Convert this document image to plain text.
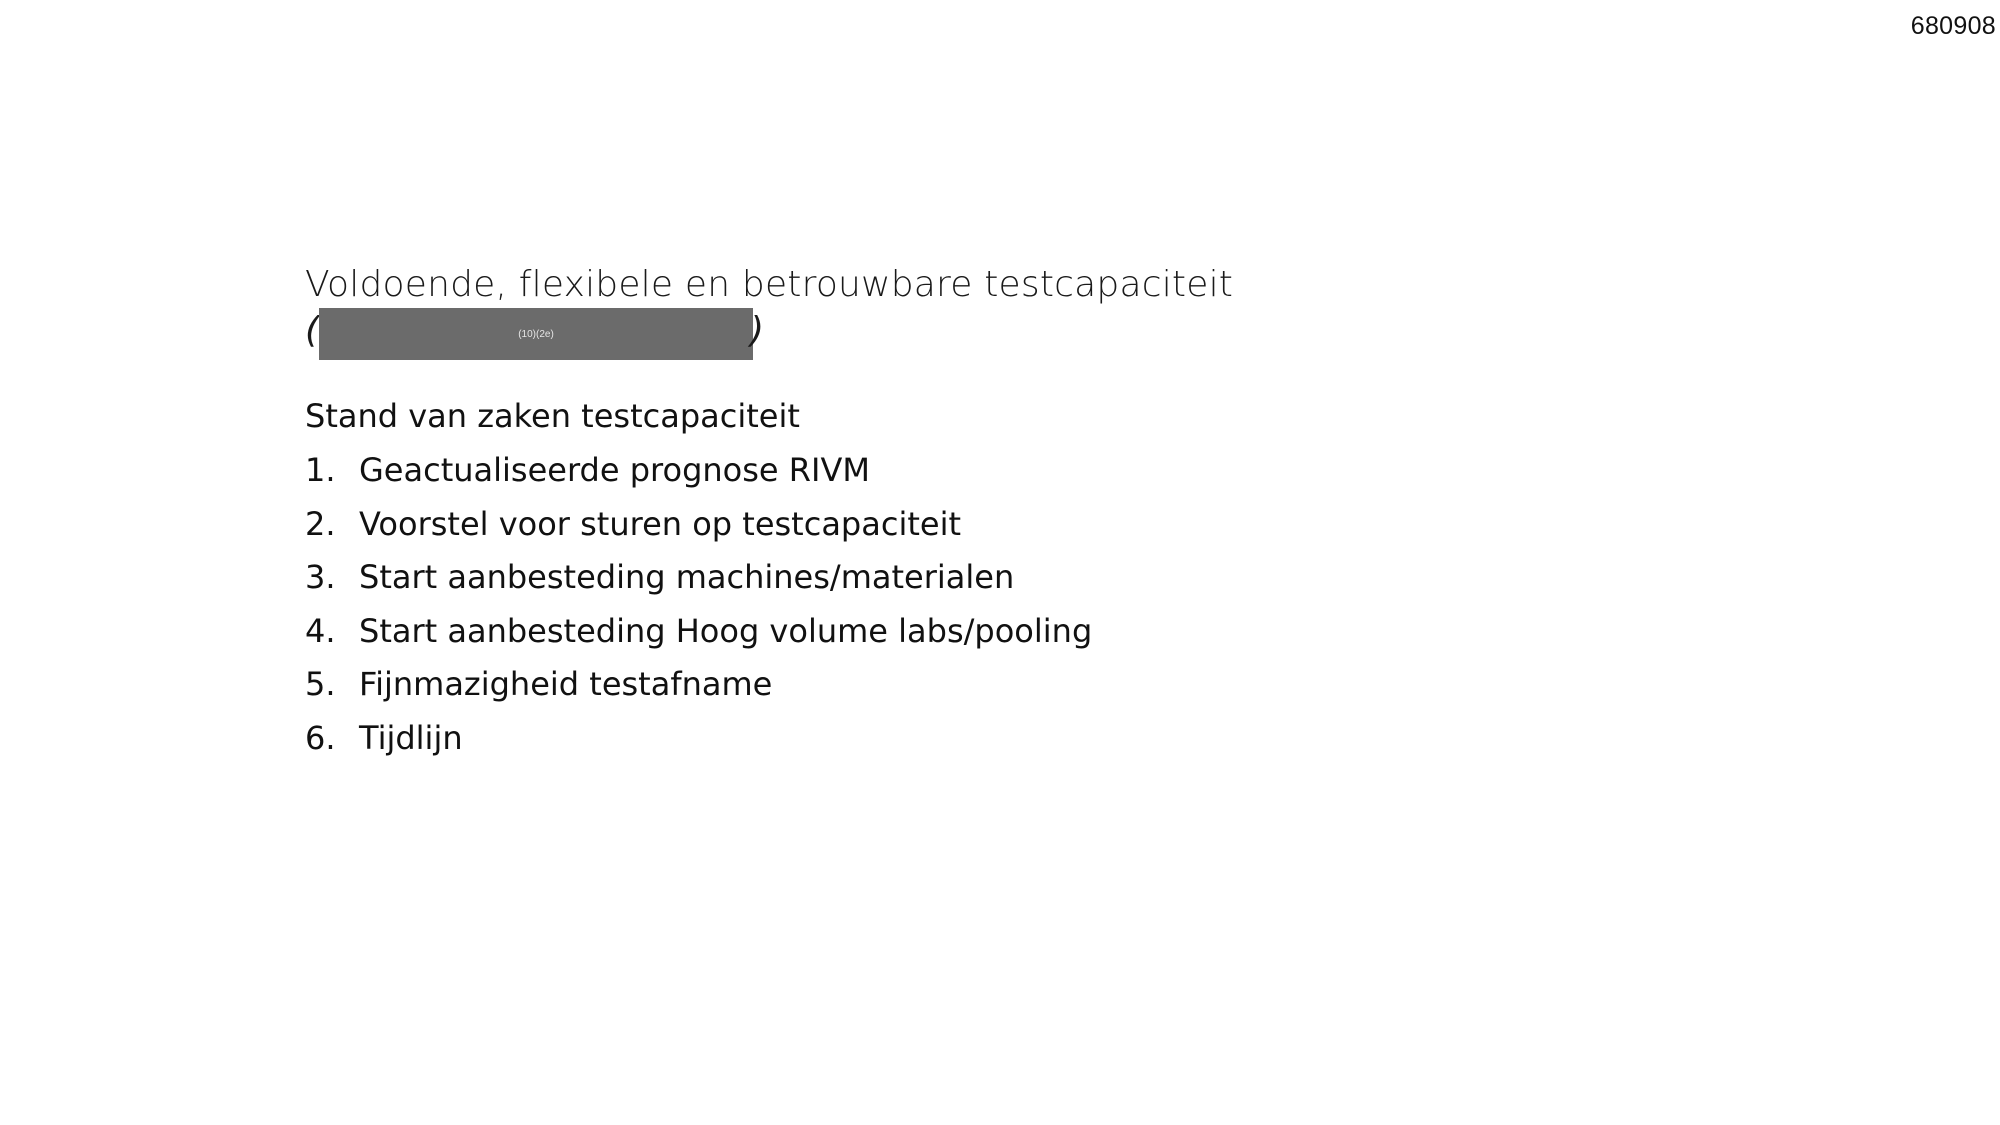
680908
Voldoende, flexibele en betrouwbare testcapaciteit
(	(10)(2e)	)
Stand van zaken testcapaciteit
1. Geactualiseerde prognose RIVM
2. Voorstel voor sturen op testcapaciteit
3. Start aanbesteding machines/materialen
4. Start aanbesteding Hoog volume labs/pooling
5. Fijnmazigheid testafname
6. Tijdlijn
